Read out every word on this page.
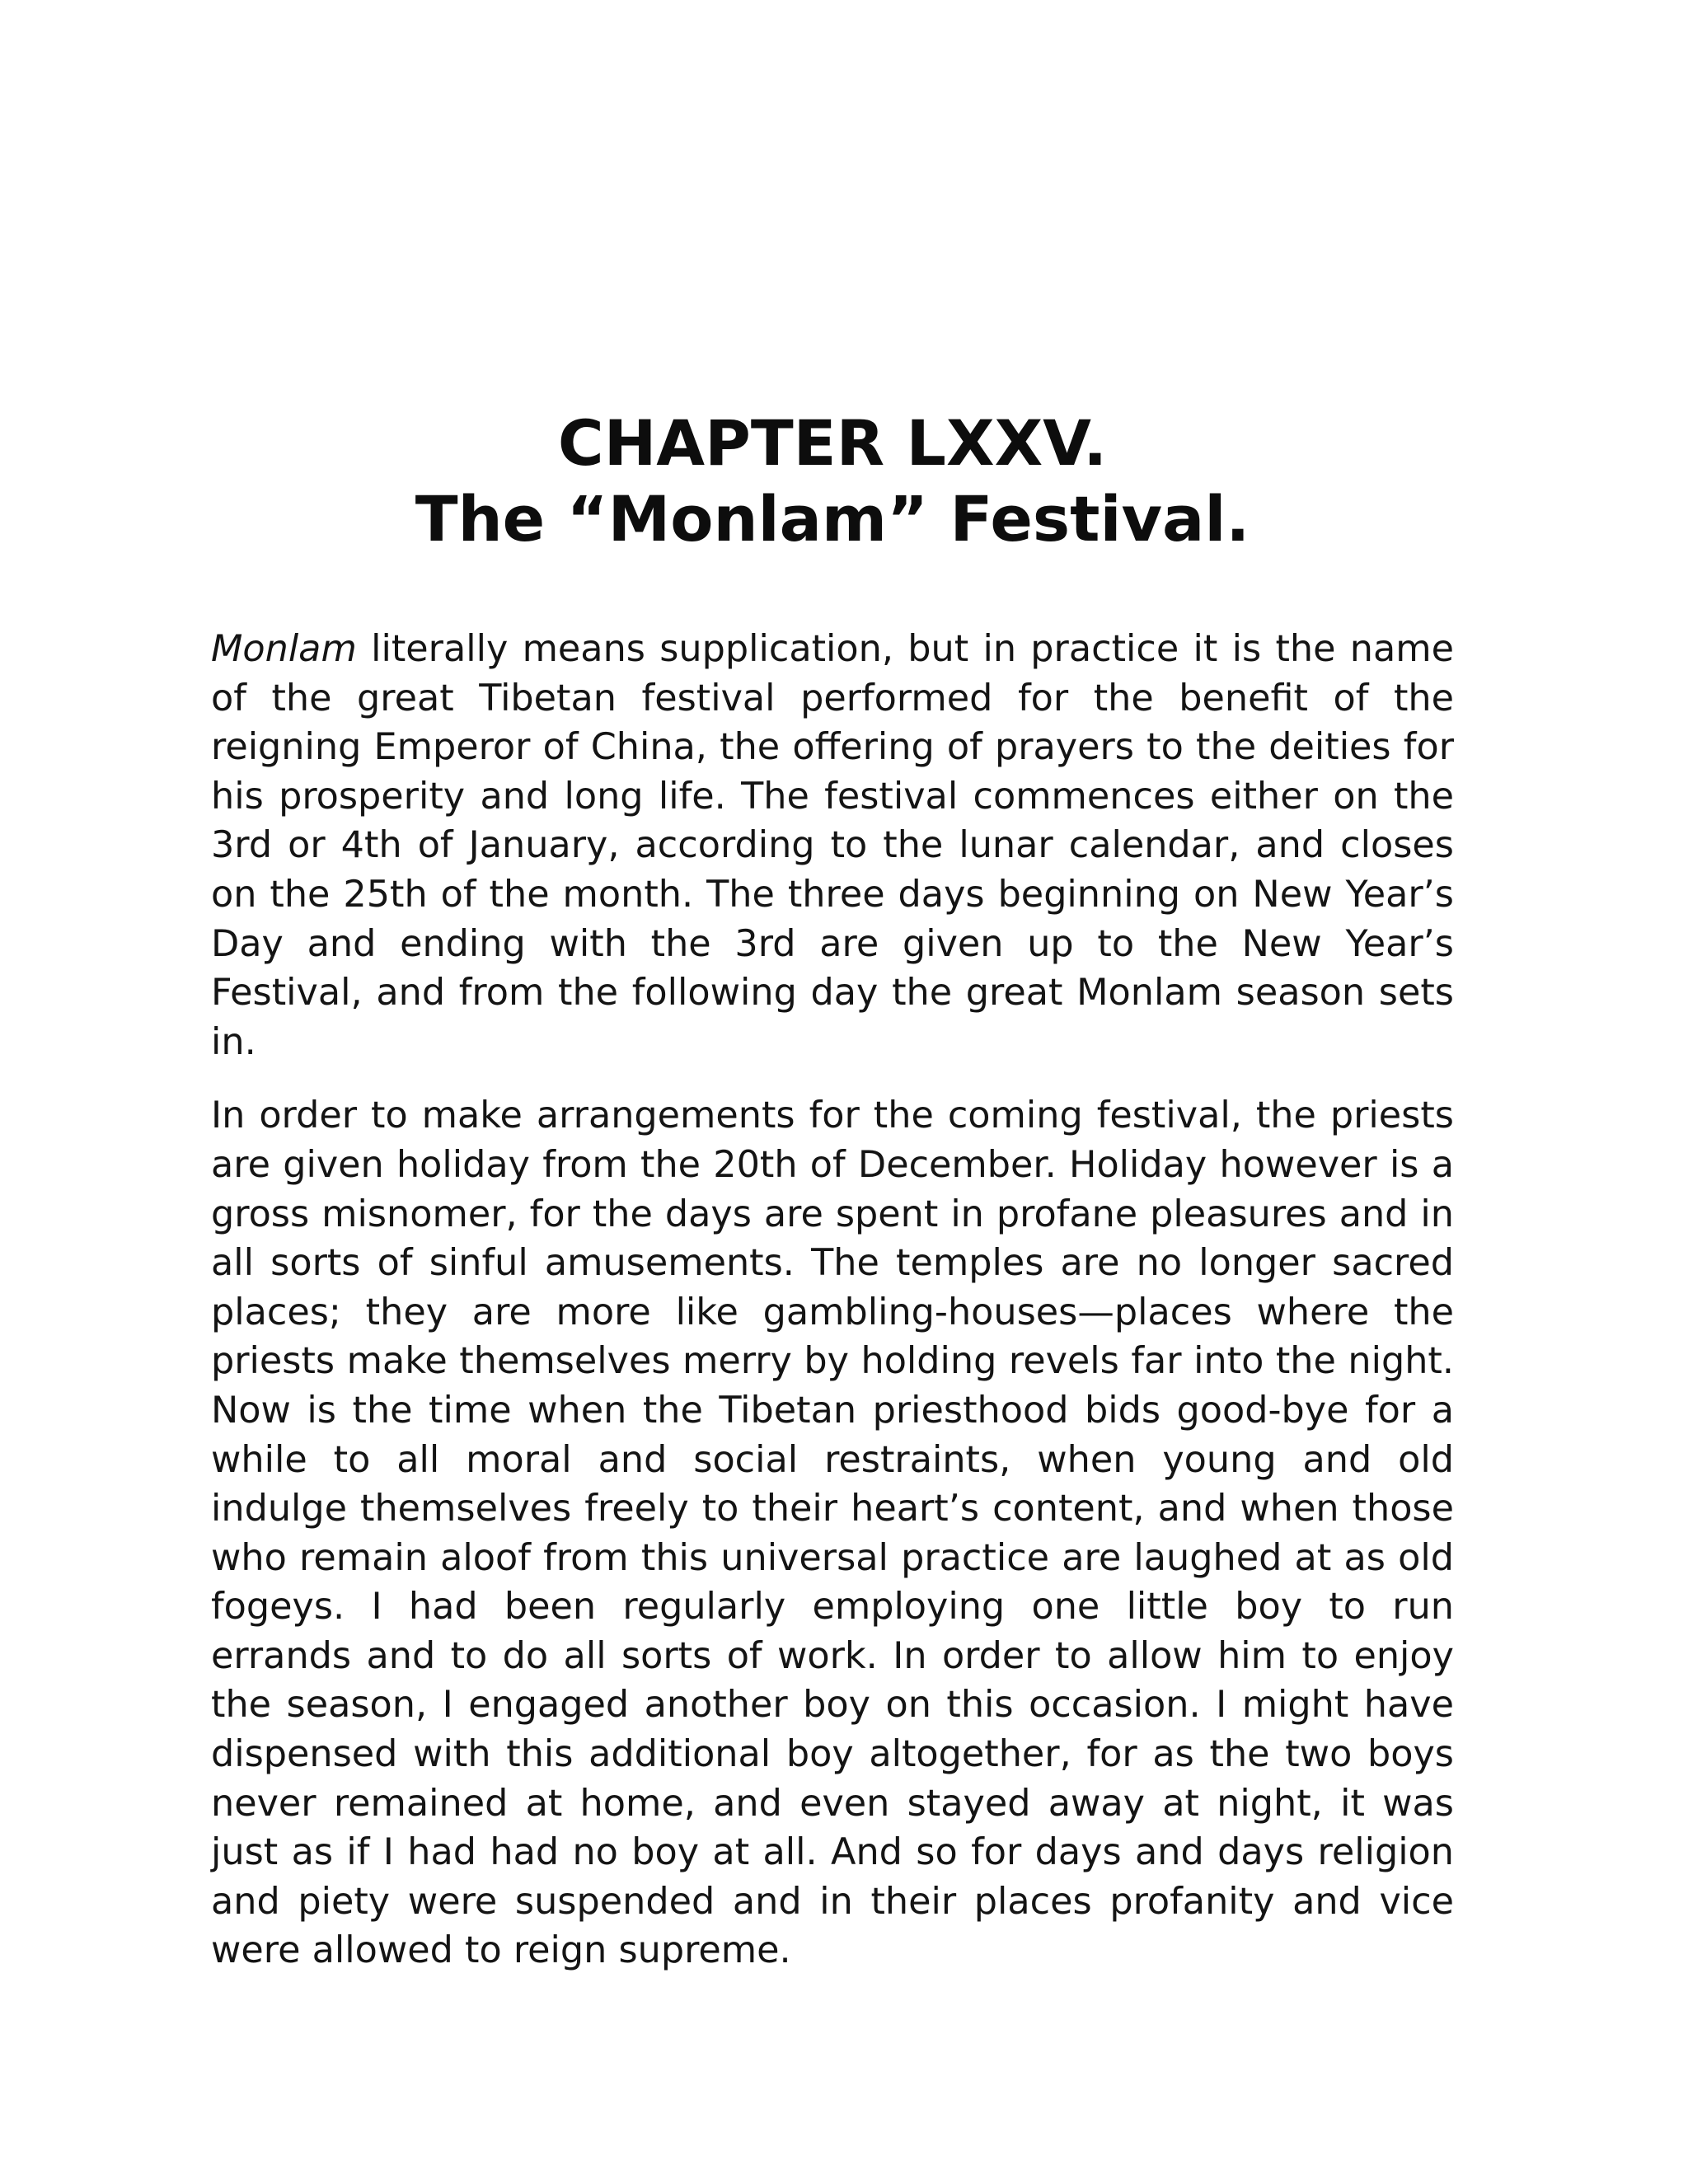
CHAPTER LXXV.
The “Monlam” Festival.

Monlam literally means supplication, but in practice it is the name of the great Tibetan festival performed for the benefit of the reigning Emperor of China, the offering of prayers to the deities for his prosperity and long life. The festival commences either on the 3rd or 4th of January, according to the lunar calendar, and closes on the 25th of the month. The three days beginning on New Year’s Day and ending with the 3rd are given up to the New Year’s Festival, and from the following day the great Monlam season sets in.

In order to make arrangements for the coming festival, the priests are given holiday from the 20th of December. Holiday however is a gross misnomer, for the days are spent in profane pleasures and in all sorts of sinful amusements. The temples are no longer sacred places; they are more like gambling-houses—places where the priests make themselves merry by holding revels far into the night. Now is the time when the Tibetan priesthood bids good-bye for a while to all moral and social restraints, when young and old indulge themselves freely to their heart’s content, and when those who remain aloof from this universal practice are laughed at as old fogeys. I had been regularly employing one little boy to run errands and to do all sorts of work. In order to allow him to enjoy the season, I engaged another boy on this occasion. I might have dispensed with this additional boy altogether, for as the two boys never remained at home, and even stayed away at night, it was just as if I had had no boy at all. And so for days and days religion and piety were suspended and in their places profanity and vice were allowed to reign supreme.
